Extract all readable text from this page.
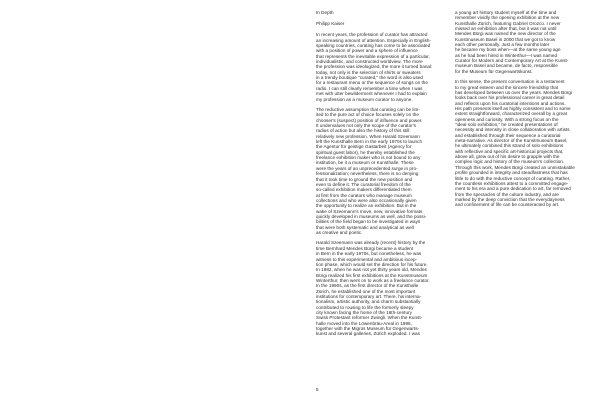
In Depth

Philipp Kaiser

In recent years, the profession of curator has attracted
an increasing amount of attention. Especially in English-
speaking countries, curating has come to be associated
with a position of power and a sphere of influence
that represents the inevitable expression of a particular,
individualistic, and constructed worldview. The more
the profession was ideologized, the more it turned banal:
today, not only is the selection of shirts or sweaters
in a trendy boutique "curated," the word is also used
for a restaurant menu or the sequence of songs on the
radio. I can still clearly remember a time when I was
met with utter bewilderment whenever I had to explain
my profession as a museum curator to anyone.

The reductive assumption that curating can be lim-
ited to the pure act of choice focuses solely on the
chooser's (suspect) position of influence and power.
It undervalues not only the scope of the curator's
radius of action but also the history of this still
relatively new profession. When Harald Szeemann
left the Kunsthalle Bern in the early 1970s to launch
the Agentur für geistige Gastarbeit (Agency for
spiritual guest labor), he thereby established the
freelance exhibition maker who is not bound to any
institution, be it a museum or Kunsthalle. These
were the years of an unprecedented surge in pro-
fessionalization; nevertheless, there is no denying
that it took time to ground the new position and
even to define it. The curatorial freedom of the
so-called exhibition makers differentiated them
at first from the curators who manage museum
collections and who were also occasionally given
the opportunity to realize an exhibition. But in the
wake of Szeemann's move, new, innovative formats
quickly developed in museums as well, and the possi-
bilities of the field began to be investigated in ways
that were both systematic and analytical as well
as creative and poetic.

Harald Szeemann was already (recent) history by the
time Bernhard Mendes Bürgi became a student
in Bern in the early 1970s, but nonetheless, he was
witness to this experimental and ambitious incep-
tion phase, which would set the direction for his future.
In 1982, when he was not yet thirty years old, Mendes
Bürgi realized his first exhibitions at the Kunstmuseum
Winterthur, then went on to work as a freelance curator.
In the 1990s, as the first director of the Kunsthalle
Zürich, he established one of the most important
institutions for contemporary art. There, his interna-
tionalism, artistic authority, and charm substantially
contributed to rousing to life the formerly sleepy
city known facing the home of the 16th-century
Swiss Protestant reformer Zwingli. When the Kunst-
halle moved into the Löwenbräu-Areal in 1996,
together with the Migros Museum für Gegenwarts-
kunst and several galleries, Zürich exploded. I was

a young art history student myself at the time and
remember vividly the opening exhibition at the new
Kunsthalle Zürich, featuring Gabriel Orozco. I never
missed an exhibition after that, but it was not until
Mendes Bürgi was named the new director of the
Kunstmuseum Basel in 2000 that we got to know
each other personally. Just a few months later
he became my boss when—at the same young age
as he had been hired in Winterthur—I was named
Curator for Modern and Contemporary Art at the Kunst-
museum Basel and became, de facto, responsible
for the Museum für Gegenwartskunst.

In this sense, the present conversation is a testament
to my great esteem and the sincere friendship that
has developed between us over the years. Mendes Bürgi
looks back over his professional career in great detail
and reflects upon his curatorial intentions and actions.
His path presents itself as highly consistent and to some
extent straightforward, characterized overall by a great
openness and curiosity. With a strong focus on the
"ideal solo exhibition," he created presentations of
necessity and intensity in close collaboration with artists
and established through their sequence a curatorial
meta-narrative. As director of the Kunstmuseum Basel,
he ultimately combined this strand of solo exhibitions
with reflective and specific art-historical projects that,
above all, grew out of his desire to grapple with the
complex logic and history of the museum's collection.
Through this work, Mendes Bürgi created an unmistakable
profile grounded in integrity and steadfastness that has
little to do with the reductive concept of curating. Rather,
the countless exhibitions attest to a committed engage-
ment to his era and a pure dedication to art, far removed
from the spectacles of the culture industry, and are
marked by the deep conviction that the everydayness
and confinement of life can be counteracted by art.

5
